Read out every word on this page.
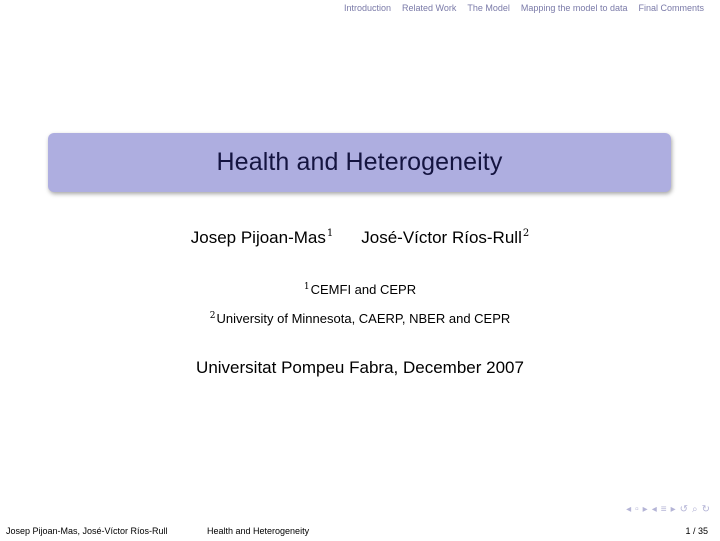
Introduction Related Work The Model Mapping the model to data Final Comments
Health and Heterogeneity
Josep Pijoan-Mas$^1$ José-Víctor Ríos-Rull$^2$
$^1$CEMFI and CEPR
$^2$University of Minnesota, CAERP, NBER and CEPR
Universitat Pompeu Fabra, December 2007
◂ ▫ ▸ ◂ ≡ ▸ ↺ ⌕ ↻
Josep Pijoan-Mas, José-Víctor Ríos-Rull	Health and Heterogeneity	1 / 35
